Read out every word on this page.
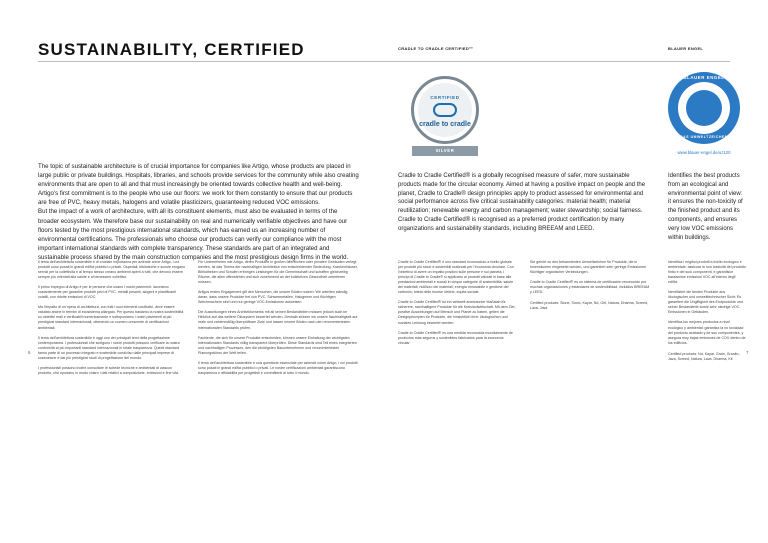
SUSTAINABILITY, CERTIFIED	CRADLE TO CRADLE CERTIFIED™	BLAUER ENGEL

The topic of sustainable architecture is of crucial importance for companies like Artigo, whose products are placed in large public or private buildings. Hospitals, libraries, and schools provide services for the community while also creating environments that are open to all and that must increasingly be oriented towards collective health and well-being.

Artigo's first commitment is to the people who use our floors: we work for them constantly to ensure that our products are free of PVC, heavy metals, halogens and volatile plasticizers, guaranteeing reduced VOC emissions.

But the impact of a work of architecture, with all its constituent elements, must also be evaluated in terms of the broader ecosystem. We therefore base our sustainability on real and numerically verifiable objectives and have our floors tested by the most prestigious international standards, which has earned us an increasing number of environmental certifications. The professionals who choose our products can verify our compliance with the most important international standards with complete transparency. These standards are part of an integrated and sustainable process shared by the main construction companies and the most prestigious design firms in the world.

CERTIFIED
cradle to cradle
SILVER
BLAUER ENGEL
DAS UMWELTZEICHEN
www.blauer-engel.de/uz120
Cradle to Cradle Certified® is a globally recognised measure of safer, more sustainable products made for the circular economy. Aimed at having a positive impact on people and the planet, Cradle to Cradle® design principles apply to product assessed for environmental and social performance across five critical sustainability categories: material health; material reutilization; renewable energy and carbon management; water stewardship; social fairness. Cradle to Cradle Certified® is recognised as a preferred product certification by many organizations and sustainability standards, including BREEAM and LEED.
Identifies the best products from an ecological and environmental point of view: it ensures the non-toxicity of the finished product and its components, and ensures very low VOC emissions within buildings.
6	7

Il tema dell'architettura sostenibile è di cruciale importanza per aziende come Artigo, i cui prodotti sono posati in grandi edifici pubblici o privati. Ospedali, biblioteche e scuole erogano servizi per la collettività e al tempo stesso creano ambienti aperti a tutti, che devono essere sempre più orientati alla salute e al benessere collettivo.

Il primo impegno di Artigo è per le persone che usano i nostri pavimenti: lavoriamo costantemente per garantire prodotti privi di PVC, metalli pesanti, alogeni e plastificanti volatili, con ridotte emissioni di VOC.

Ma l'impatto di un'opera di architettura, con tutti i suoi elementi costitutivi, deve essere valutato anche in termini di ecosistema allargato. Per questo basiamo la nostra sostenibilità su obiettivi reali e verificabili numericamente e sottoponiamo i nostri pavimenti ai più prestigiosi standard internazionali, ottenendo un numero crescente di certificazioni ambientali.

Il tema dell'architettura sostenibile è oggi uno dei principali temi della progettazione contemporanea. I professionisti che scelgono i nostri prodotti possono verificare la nostra conformità ai più importanti standard internazionali in totale trasparenza. Questi standard fanno parte di un processo integrato e sostenibile condiviso dalle principali imprese di costruzione e dai più prestigiosi studi di progettazione del mondo.

I professionisti possono inoltre consultare le schede tecniche e ambientali di ciascun prodotto, che riportano in modo chiaro i dati relativi a composizione, emissioni e fine vita.

Für Unternehmen wie Artigo, deren Produkte in großen öffentlichen oder privaten Gebäuden verlegt werden, ist das Thema der nachhaltigen Architektur von entscheidender Bedeutung. Krankenhäuser, Bibliotheken und Schulen erbringen Leistungen für die Gemeinschaft und schaffen gleichzeitig Räume, die allen offenstehen und sich zunehmend an der kollektiven Gesundheit orientieren müssen.

Artigos erstes Engagement gilt den Menschen, die unsere Böden nutzen: Wir arbeiten ständig daran, dass unsere Produkte frei von PVC, Schwermetallen, Halogenen und flüchtigen Weichmachern sind und nur geringe VOC-Emissionen aufweisen.

Die Auswirkungen eines Architekturwerks mit all seinen Bestandteilen müssen jedoch auch im Hinblick auf das weitere Ökosystem bewertet werden. Deshalb stützen wir unsere Nachhaltigkeit auf reale und zahlenmäßig überprüfbare Ziele und lassen unsere Böden nach den renommiertesten internationalen Standards prüfen.

Fachleute, die sich für unsere Produkte entscheiden, können unsere Einhaltung der wichtigsten internationalen Standards völlig transparent überprüfen. Diese Standards sind Teil eines integrierten und nachhaltigen Prozesses, den die wichtigsten Bauunternehmen und renommiertesten Planungsbüros der Welt teilen.

Il tema dell'architettura sostenibile è una questione essenziale per aziende come Artigo, i cui prodotti sono posati in grandi edifici pubblici o privati. Le nostre certificazioni ambientali garantiscono trasparenza e affidabilità per progettisti e committenti di tutto il mondo.

Cradle to Cradle Certified® è uno standard riconosciuto a livello globale per prodotti più sicuri e sostenibili realizzati per l'economia circolare. Con l'obiettivo di avere un impatto positivo sulle persone e sul pianeta, i principi di Cradle to Cradle® si applicano ai prodotti valutati in base alle prestazioni ambientali e sociali in cinque categorie di sostenibilità: salute dei materiali; riutilizzo dei materiali; energia rinnovabile e gestione del carbonio; tutela delle risorse idriche; equità sociale.

Cradle to Cradle Certified® ist ein weltweit anerkannter Maßstab für sicherere, nachhaltigere Produkte für die Kreislaufwirtschaft. Mit dem Ziel, positive Auswirkungen auf Mensch und Planet zu haben, gelten die Designprinzipien für Produkte, die hinsichtlich ihrer ökologischen und sozialen Leistung bewertet werden.

Cradle to Cradle Certified® es una medida reconocida mundialmente de productos más seguros y sostenibles fabricados para la economía circular.

Sie gehört zu den bekanntesten Umweltzeichen für Produkte, die in Innenräumen eingesetzt werden, und garantiert sehr geringe Emissionen flüchtiger organischer Verbindungen.

Cradle to Cradle Certified® es un sistema de certificación reconocido por muchas organizaciones y estándares de sostenibilidad, incluidos BREEAM y LEED.

Certified products: Stone, Sonic, Kayar, Nd, Grit, Natura, Dharma, Screed, Lava, Java

Identifica i migliori prodotti a livello ecologico e ambientale: assicura la non tossicità del prodotto finito e dei suoi componenti, e garantisce bassissime emissioni VOC all'interno degli edifici.

Identifiziert die besten Produkte aus ökologischer und umwelttechnischer Sicht: Es garantiert die Ungiftigkeit des Endprodukts und seiner Bestandteile sowie sehr niedrige VOC-Emissionen in Gebäuden.

Identifica los mejores productos a nivel ecológico y ambiental: garantiza la no toxicidad del producto acabado y de sus componentes, y asegura muy bajas emisiones de COV dentro de los edificios.

Certified products: Nd, Kayar, Grain, Granito, Java, Screed, Natura, Lava, Dharma, Kit
